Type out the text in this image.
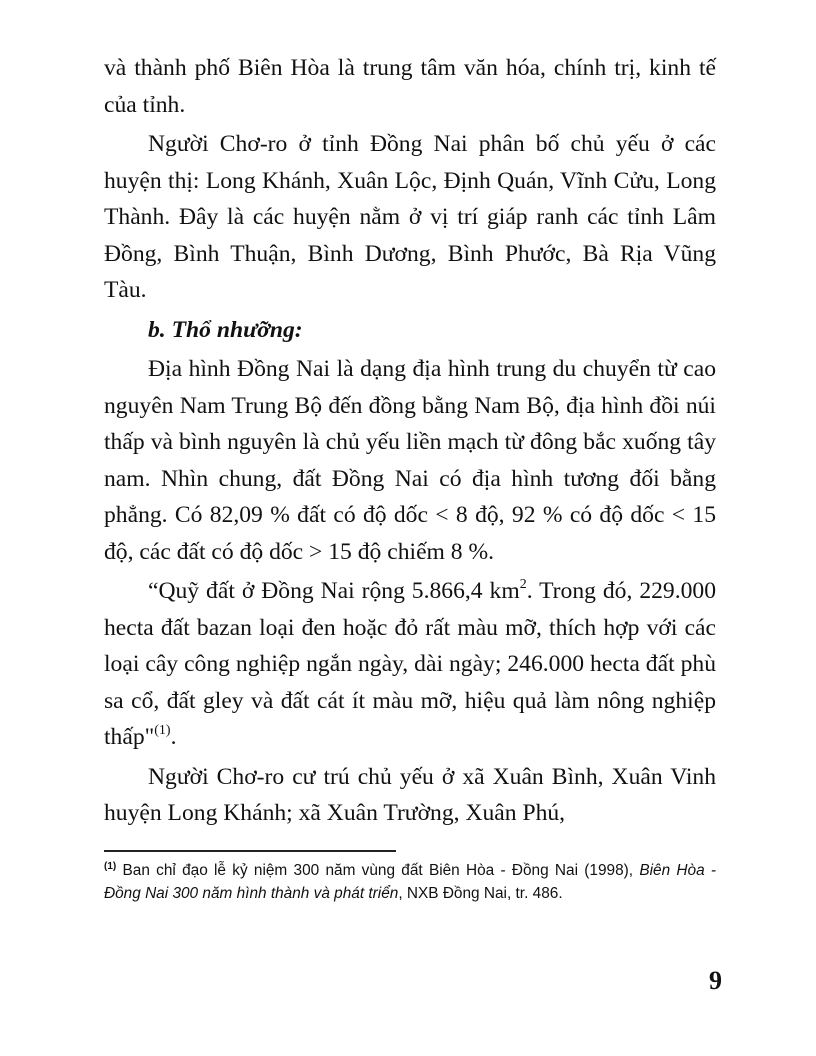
và thành phố Biên Hòa là trung tâm văn hóa, chính trị, kinh tế của tỉnh.

Người Chơ-ro ở tỉnh Đồng Nai phân bố chủ yếu ở các huyện thị: Long Khánh, Xuân Lộc, Định Quán, Vĩnh Cửu, Long Thành. Đây là các huyện nằm ở vị trí giáp ranh các tỉnh Lâm Đồng, Bình Thuận, Bình Dương, Bình Phước, Bà Rịa Vũng Tàu.

b. Thổ nhưỡng:

Địa hình Đồng Nai là dạng địa hình trung du chuyển từ cao nguyên Nam Trung Bộ đến đồng bằng Nam Bộ, địa hình đồi núi thấp và bình nguyên là chủ yếu liền mạch từ đông bắc xuống tây nam. Nhìn chung, đất Đồng Nai có địa hình tương đối bằng phẳng. Có 82,09 % đất có độ dốc < 8 độ, 92 % có độ dốc < 15 độ, các đất có độ dốc > 15 độ chiếm 8 %.

“Quỹ đất ở Đồng Nai rộng 5.866,4 $km^2$. Trong đó, 229.000 hecta đất bazan loại đen hoặc đỏ rất màu mỡ, thích hợp với các loại cây công nghiệp ngắn ngày, dài ngày; 246.000 hecta đất phù sa cổ, đất gley và đất cát ít màu mỡ, hiệu quả làm nông nghiệp thấp"$^{(1)}$.

Người Chơ-ro cư trú chủ yếu ở xã Xuân Bình, Xuân Vinh huyện Long Khánh; xã Xuân Trường, Xuân Phú,

$^{(1)}$ Ban chỉ đạo lễ kỷ niệm 300 năm vùng đất Biên Hòa - Đồng Nai (1998), Biên Hòa - Đồng Nai 300 năm hình thành và phát triển, NXB Đồng Nai, tr. 486.
9
